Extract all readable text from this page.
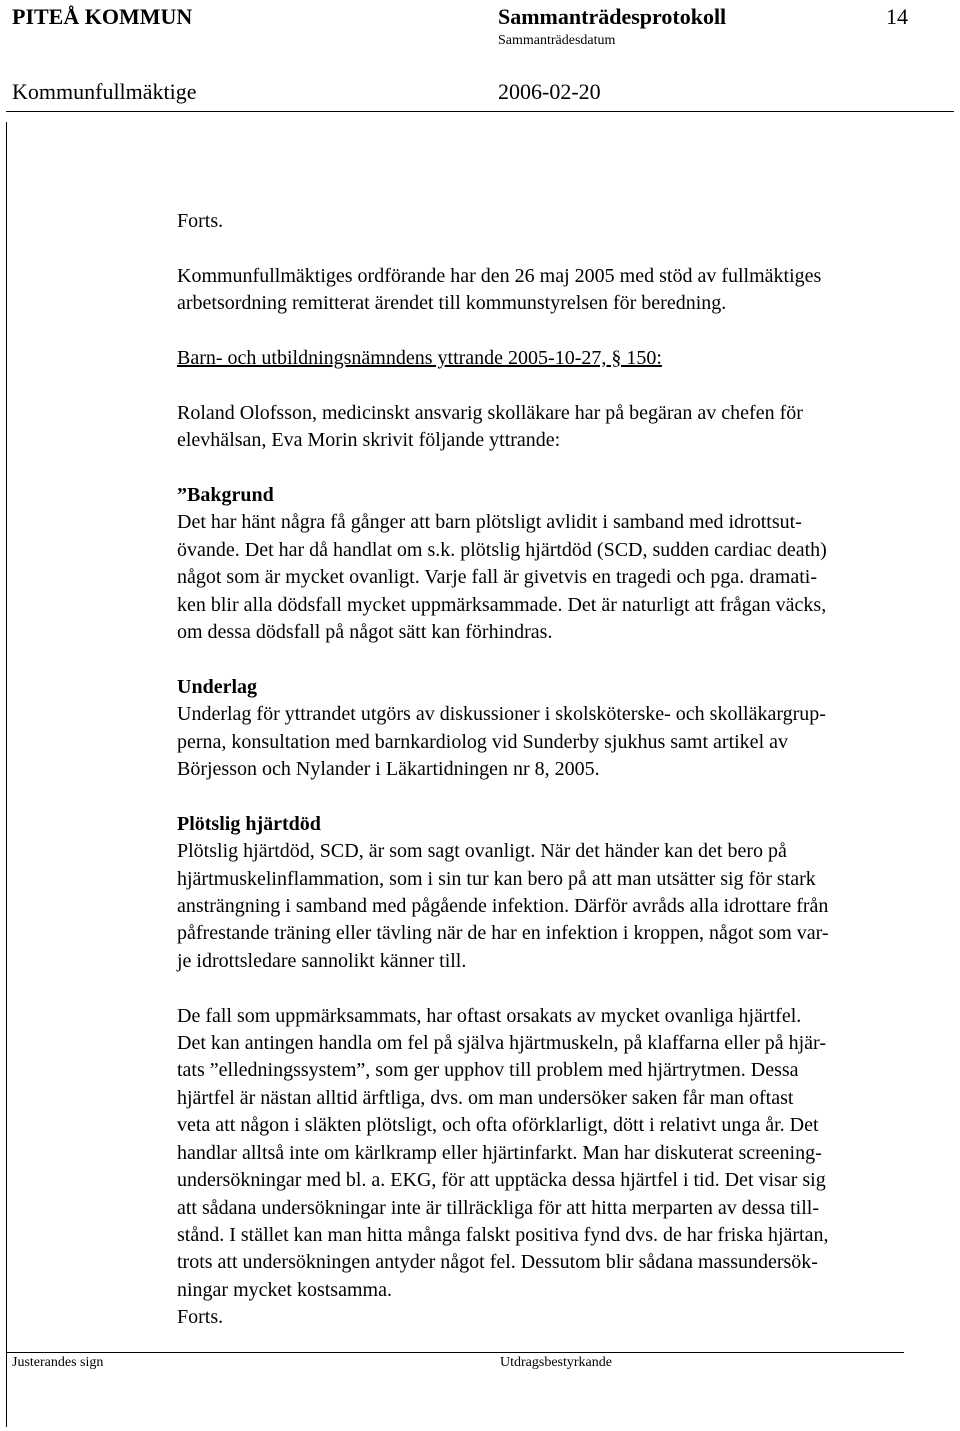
PITEÅ KOMMUN	Sammanträdesprotokoll	14
Sammanträdesdatum
Kommunfullmäktige	2006-02-20

Forts.

Kommunfullmäktiges ordförande har den 26 maj 2005 med stöd av fullmäktiges

arbetsordning remitterat ärendet till kommunstyrelsen för beredning.

Barn- och utbildningsnämndens yttrande 2005-10-27, § 150:

Roland Olofsson, medicinskt ansvarig skolläkare har på begäran av chefen för

elevhälsan, Eva Morin skrivit följande yttrande:

”Bakgrund

Det har hänt några få gånger att barn plötsligt avlidit i samband med idrottsut-

övande. Det har då handlat om s.k. plötslig hjärtdöd (SCD, sudden cardiac death)

något som är mycket ovanligt. Varje fall är givetvis en tragedi och pga. dramati-

ken blir alla dödsfall mycket uppmärksammade. Det är naturligt att frågan väcks,

om dessa dödsfall på något sätt kan förhindras.

Underlag

Underlag för yttrandet utgörs av diskussioner i skolsköterske- och skolläkargrup-

perna, konsultation med barnkardiolog vid Sunderby sjukhus samt artikel av

Börjesson och Nylander i Läkartidningen nr 8, 2005.

Plötslig hjärtdöd

Plötslig hjärtdöd, SCD, är som sagt ovanligt. När det händer kan det bero på

hjärtmuskelinflammation, som i sin tur kan bero på att man utsätter sig för stark

ansträngning i samband med pågående infektion. Därför avråds alla idrottare från

påfrestande träning eller tävling när de har en infektion i kroppen, något som var-

je idrottsledare sannolikt känner till.

De fall som uppmärksammats, har oftast orsakats av mycket ovanliga hjärtfel.

Det kan antingen handla om fel på själva hjärtmuskeln, på klaffarna eller på hjär-

tats ”elledningssystem”, som ger upphov till problem med hjärtrytmen. Dessa

hjärtfel är nästan alltid ärftliga, dvs. om man undersöker saken får man oftast

veta att någon i släkten plötsligt, och ofta oförklarligt, dött i relativt unga år. Det

handlar alltså inte om kärlkramp eller hjärtinfarkt. Man har diskuterat screening-

undersökningar med bl. a. EKG, för att upptäcka dessa hjärtfel i tid. Det visar sig

att sådana undersökningar inte är tillräckliga för att hitta merparten av dessa till-

stånd. I stället kan man hitta många falskt positiva fynd dvs. de har friska hjärtan,

trots att undersökningen antyder något fel. Dessutom blir sådana massundersök-

ningar mycket kostsamma.

Forts.

Justerandes sign	Utdragsbestyrkande
